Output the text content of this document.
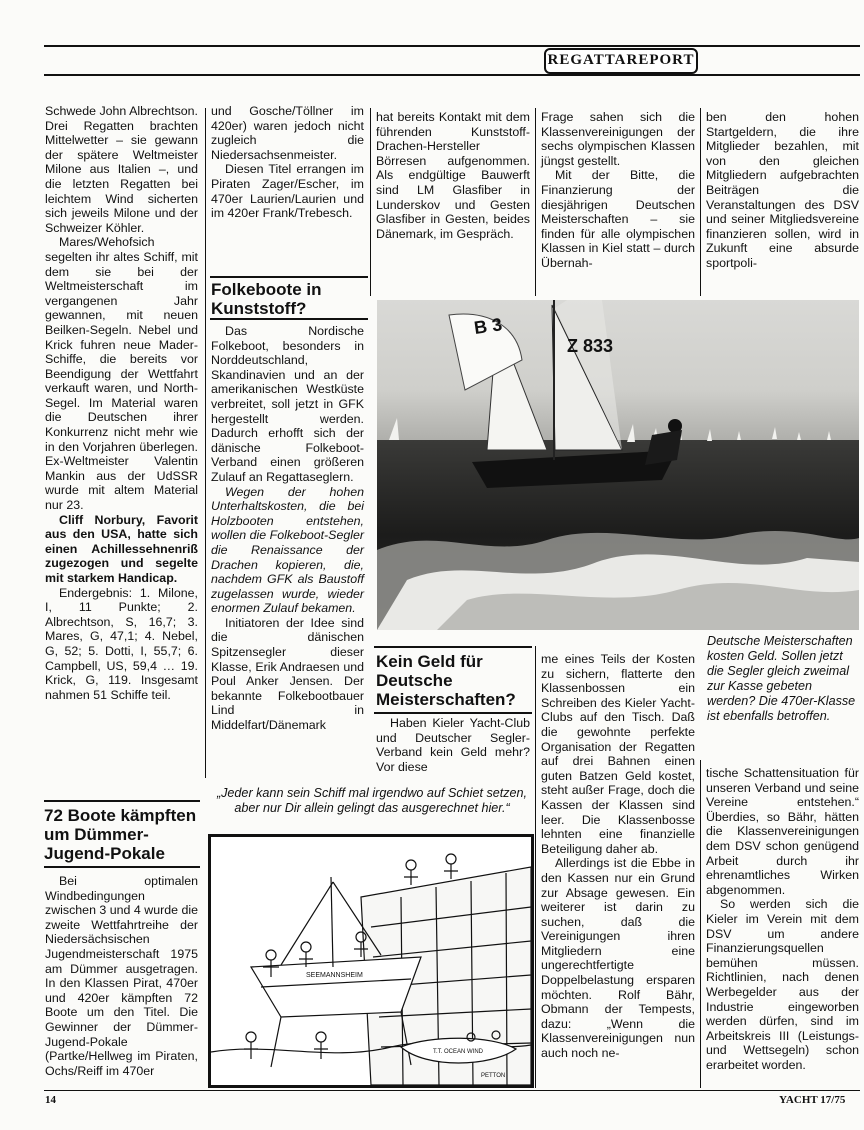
REGATTAREPORT

Schwede John Albrechtson. Drei Regatten brachten Mittelwetter – sie gewann der spätere Weltmeister Milone aus Italien –, und die letzten Regatten bei leichtem Wind sicherten sich jeweils Milone und der Schweizer Köhler.

Mares/Wehofsich segelten ihr altes Schiff, mit dem sie bei der Weltmeisterschaft im vergangenen Jahr gewannen, mit neuen Beilken-Segeln. Nebel und Krick fuhren neue Mader-Schiffe, die bereits vor Beendigung der Wettfahrt verkauft waren, und North-Segel. Im Material waren die Deutschen ihrer Konkurrenz nicht mehr wie in den Vorjahren überlegen. Ex-Weltmeister Valentin Mankin aus der UdSSR wurde mit altem Material nur 23.

Cliff Norbury, Favorit aus den USA, hatte sich einen Achillessehnenriß zugezogen und segelte mit starkem Handicap.

Endergebnis: 1. Milone, I, 11 Punkte; 2. Albrechtson, S, 16,7; 3. Mares, G, 47,1; 4. Nebel, G, 52; 5. Dotti, I, 55,7; 6. Campbell, US, 59,4 … 19. Krick, G, 119. Insgesamt nahmen 51 Schiffe teil.

72 Boote kämpften um Dümmer-Jugend-Pokale

Bei optimalen Windbedingungen zwischen 3 und 4 wurde die zweite Wettfahrtreihe der Niedersächsischen Jugendmeisterschaft 1975 am Dümmer ausgetragen. In den Klassen Pirat, 470er und 420er kämpften 72 Boote um den Titel. Die Gewinner der Dümmer-Jugend-Pokale (Partke/Hellweg im Piraten, Ochs/Reiff im 470er

und Gosche/Töllner im 420er) waren jedoch nicht zugleich die Niedersachsenmeister.

Diesen Titel errangen im Piraten Zager/Escher, im 470er Laurien/Laurien und im 420er Frank/Trebesch.

Folkeboote in Kunststoff?

Das Nordische Folkeboot, besonders in Norddeutschland, Skandinavien und an der amerikanischen Westküste verbreitet, soll jetzt in GFK hergestellt werden. Dadurch erhofft sich der dänische Folkeboot-Verband einen größeren Zulauf an Regattaseglern.

Wegen der hohen Unterhaltskosten, die bei Holzbooten entstehen, wollen die Folkeboot-Segler die Renaissance der Drachen kopieren, die, nachdem GFK als Baustoff zugelassen wurde, wieder enormen Zulauf bekamen.

Initiatoren der Idee sind die dänischen Spitzensegler dieser Klasse, Erik Andraesen und Poul Anker Jensen. Der bekannte Folkebootbauer Lind in Middelfart/Dänemark

hat bereits Kontakt mit dem führenden Kunststoff-Drachen-Hersteller Börresen aufgenommen. Als endgültige Bauwerft sind LM Glasfiber in Lunderskov und Gesten Glasfiber in Gesten, beides Dänemark, im Gespräch.

Frage sahen sich die Klassenvereinigungen der sechs olympischen Klassen jüngst gestellt.

Mit der Bitte, die Finanzierung der diesjährigen Deutschen Meisterschaften – sie finden für alle olympischen Klassen in Kiel statt – durch Übernah-

ben den hohen Startgeldern, die ihre Mitglieder bezahlen, mit von den gleichen Mitgliedern aufgebrachten Beiträgen die Veranstaltungen des DSV und seiner Mitgliedsvereine finanzieren sollen, wird in Zukunft eine absurde sportpoli-

Z 833
B 3
Deutsche Meisterschaften kosten Geld. Sollen jetzt die Segler gleich zweimal zur Kasse gebeten werden? Die 470er-Klasse ist ebenfalls betroffen.
Kein Geld für Deutsche Meisterschaften?

Haben Kieler Yacht-Club und Deutscher Segler-Verband kein Geld mehr? Vor diese

me eines Teils der Kosten zu sichern, flatterte den Klassenbossen ein Schreiben des Kieler Yacht-Clubs auf den Tisch. Daß die gewohnte perfekte Organisation der Regatten auf drei Bahnen einen guten Batzen Geld kostet, steht außer Frage, doch die Kassen der Klassen sind leer. Die Klassenbosse lehnten eine finanzielle Beteiligung daher ab.

Allerdings ist die Ebbe in den Kassen nur ein Grund zur Absage gewesen. Ein weiterer ist darin zu suchen, daß die Vereinigungen ihren Mitgliedern eine ungerechtfertigte Doppelbelastung ersparen möchten. Rolf Bähr, Obmann der Tempests, dazu: „Wenn die Klassenvereinigungen nun auch noch ne-

tische Schattensituation für unseren Verband und seine Vereine entstehen.“ Überdies, so Bähr, hätten die Klassenvereinigungen dem DSV schon genügend Arbeit durch ihr ehrenamtliches Wirken abgenommen.

So werden sich die Kieler im Verein mit dem DSV um andere Finanzierungsquellen bemühen müssen. Richtlinien, nach denen Werbegelder aus der Industrie eingeworben werden dürfen, sind im Arbeitskreis III (Leistungs- und Wettsegeln) schon erarbeitet worden.

„Jeder kann sein Schiff mal irgendwo auf Schiet setzen, aber nur Dir allein gelingt das ausgerechnet hier.“
SEEMANNSHEIM
T.T. OCEAN WIND
PETTON
14	YACHT 17/75
